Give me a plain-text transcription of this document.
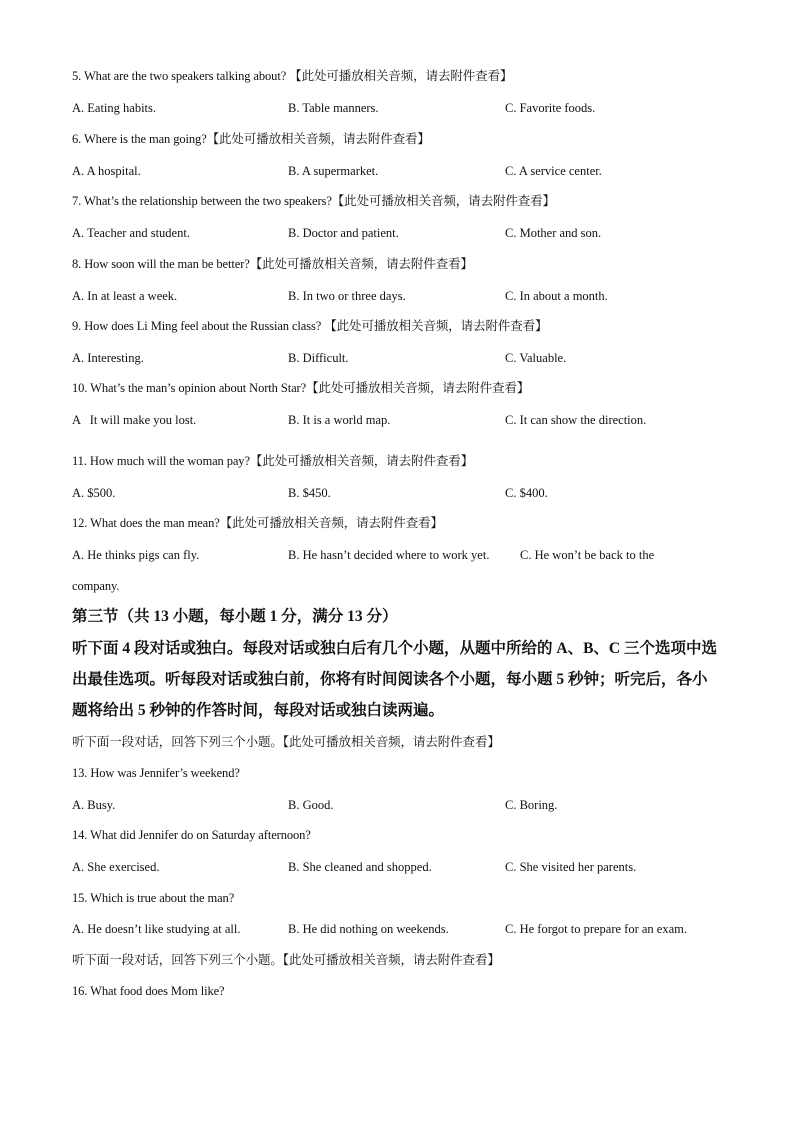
5. What are the two speakers talking about? 【此处可播放相关音频，请去附件查看】
A. Eating habits.	B. Table manners.	C. Favorite foods.
6. Where is the man going?【此处可播放相关音频，请去附件查看】
A. A hospital.	B. A supermarket.	C. A service center.
7. What’s the relationship between the two speakers?【此处可播放相关音频，请去附件查看】
A. Teacher and student.	B. Doctor and patient.	C. Mother and son.
8. How soon will the man be better?【此处可播放相关音频，请去附件查看】
A. In at least a week.	B. In two or three days.	C. In about a month.
9. How does Li Ming feel about the Russian class? 【此处可播放相关音频，请去附件查看】
A. Interesting.	B. Difficult.	C. Valuable.
10. What’s the man’s opinion about North Star?【此处可播放相关音频，请去附件查看】
A   It will make you lost.	B. It is a world map.	C. It can show the direction.
11. How much will the woman pay?【此处可播放相关音频，请去附件查看】
A. $500.	B. $450.	C. $400.
12. What does the man mean?【此处可播放相关音频，请去附件查看】
A. He thinks pigs can fly.	B. He hasn’t decided where to work yet. C. He won’t be back to the
company.
第三节（共 13 小题，每小题 1 分，满分 13 分）
听下面 4 段对话或独白。每段对话或独白后有几个小题，从题中所给的 A、B、C 三个选项中选出最佳选项。听每段对话或独白前，你将有时间阅读各个小题，每小题 5 秒钟；听完后，各小题将给出 5 秒钟的作答时间，每段对话或独白读两遍。
听下面一段对话，回答下列三个小题。【此处可播放相关音频，请去附件查看】
13. How was Jennifer’s weekend?
A. Busy.	B. Good.	C. Boring.
14. What did Jennifer do on Saturday afternoon?
A. She exercised.	B. She cleaned and shopped.	C. She visited her parents.
15. Which is true about the man?
A. He doesn’t like studying at all.	B. He did nothing on weekends.	C. He forgot to prepare for an exam.
听下面一段对话，回答下列三个小题。【此处可播放相关音频，请去附件查看】
16. What food does Mom like?
